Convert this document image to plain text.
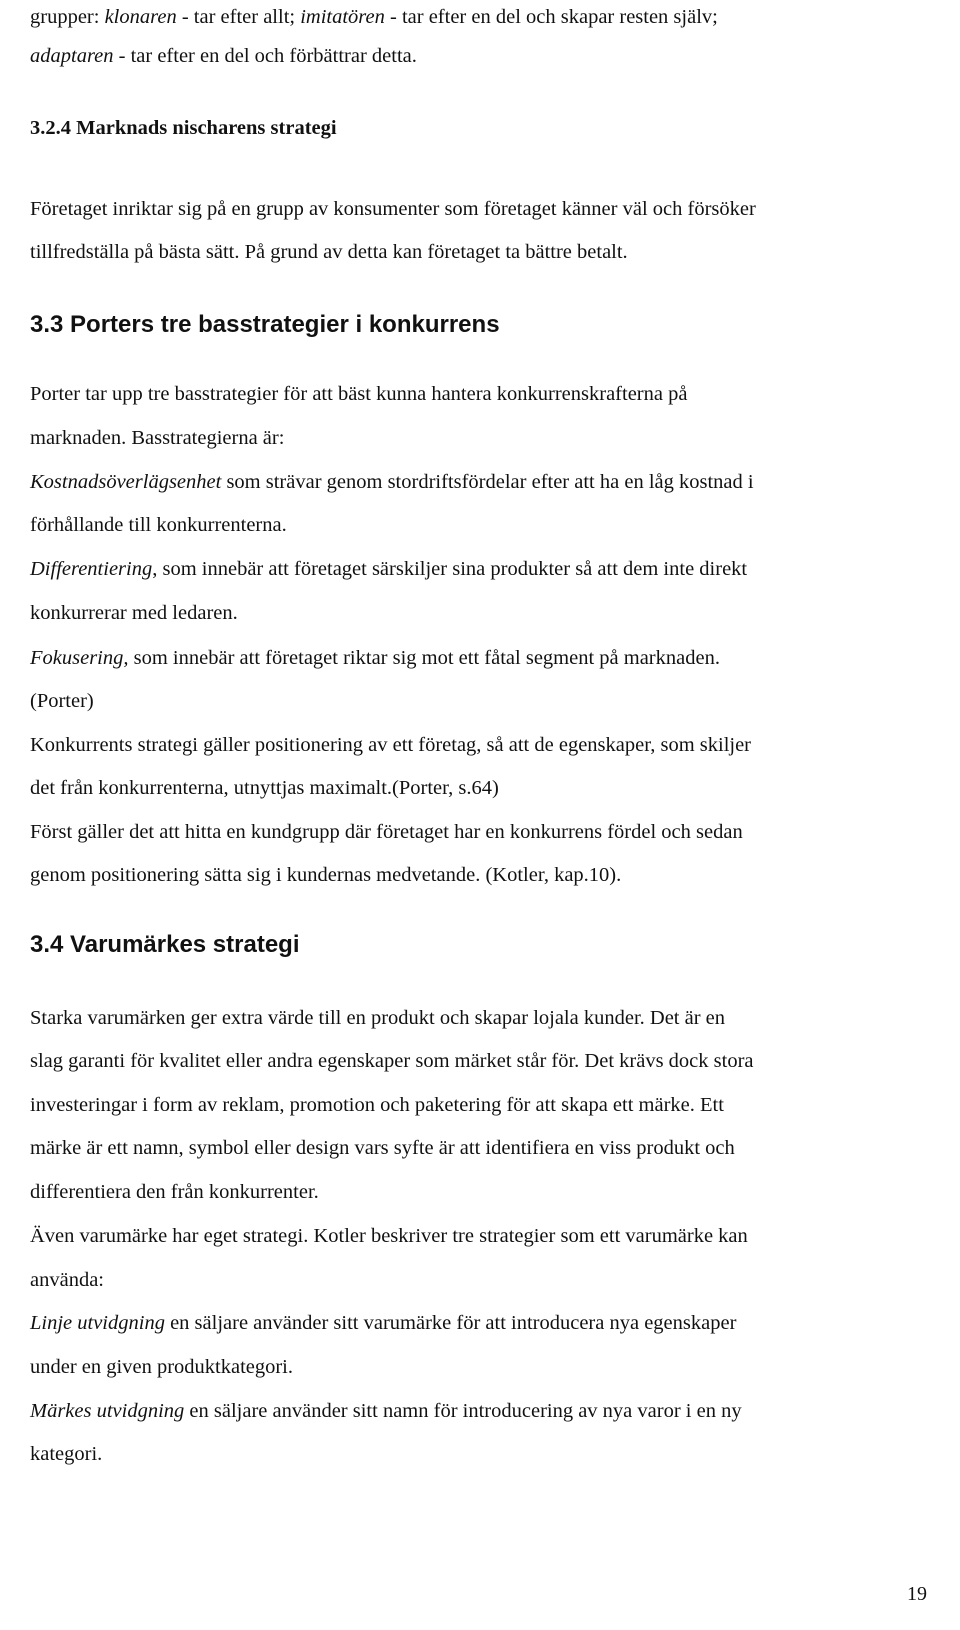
grupper: klonaren - tar efter allt; imitatören - tar efter en del och skapar resten själv;
adaptaren - tar efter en del och förbättrar detta.
3.2.4 Marknads nischarens strategi
Företaget inriktar sig på en grupp av konsumenter som företaget känner väl och försöker
tillfredställa på bästa sätt. På grund av detta kan företaget ta bättre betalt.
3.3 Porters tre basstrategier i konkurrens
Porter tar upp tre basstrategier för att bäst kunna hantera konkurrenskrafterna på
marknaden. Basstrategierna är:
Kostnadsöverlägsenhet som strävar genom stordriftsfördelar efter att ha en låg kostnad i
förhållande till konkurrenterna.
Differentiering, som innebär att företaget särskiljer sina produkter så att dem inte direkt
konkurrerar med ledaren.
Fokusering, som innebär att företaget riktar sig mot ett fåtal segment på marknaden.
(Porter)
Konkurrents strategi gäller positionering av ett företag, så att de egenskaper, som skiljer
det från konkurrenterna, utnyttjas maximalt.(Porter, s.64)
Först gäller det att hitta en kundgrupp där företaget har en konkurrens fördel och sedan
genom positionering sätta sig i kundernas medvetande. (Kotler, kap.10).
3.4 Varumärkes strategi
Starka varumärken ger extra värde till en produkt och skapar lojala kunder. Det är en
slag garanti för kvalitet eller andra egenskaper som märket står för. Det krävs dock stora
investeringar i form av reklam, promotion och paketering för att skapa ett märke. Ett
märke är ett namn, symbol eller design vars syfte är att identifiera en viss produkt och
differentiera den från konkurrenter.
Även varumärke har eget strategi. Kotler beskriver tre strategier som ett varumärke kan
använda:
Linje utvidgning en säljare använder sitt varumärke för att introducera nya egenskaper
under en given produktkategori.
Märkes utvidgning en säljare använder sitt namn för introducering av nya varor i en ny
kategori.
19
